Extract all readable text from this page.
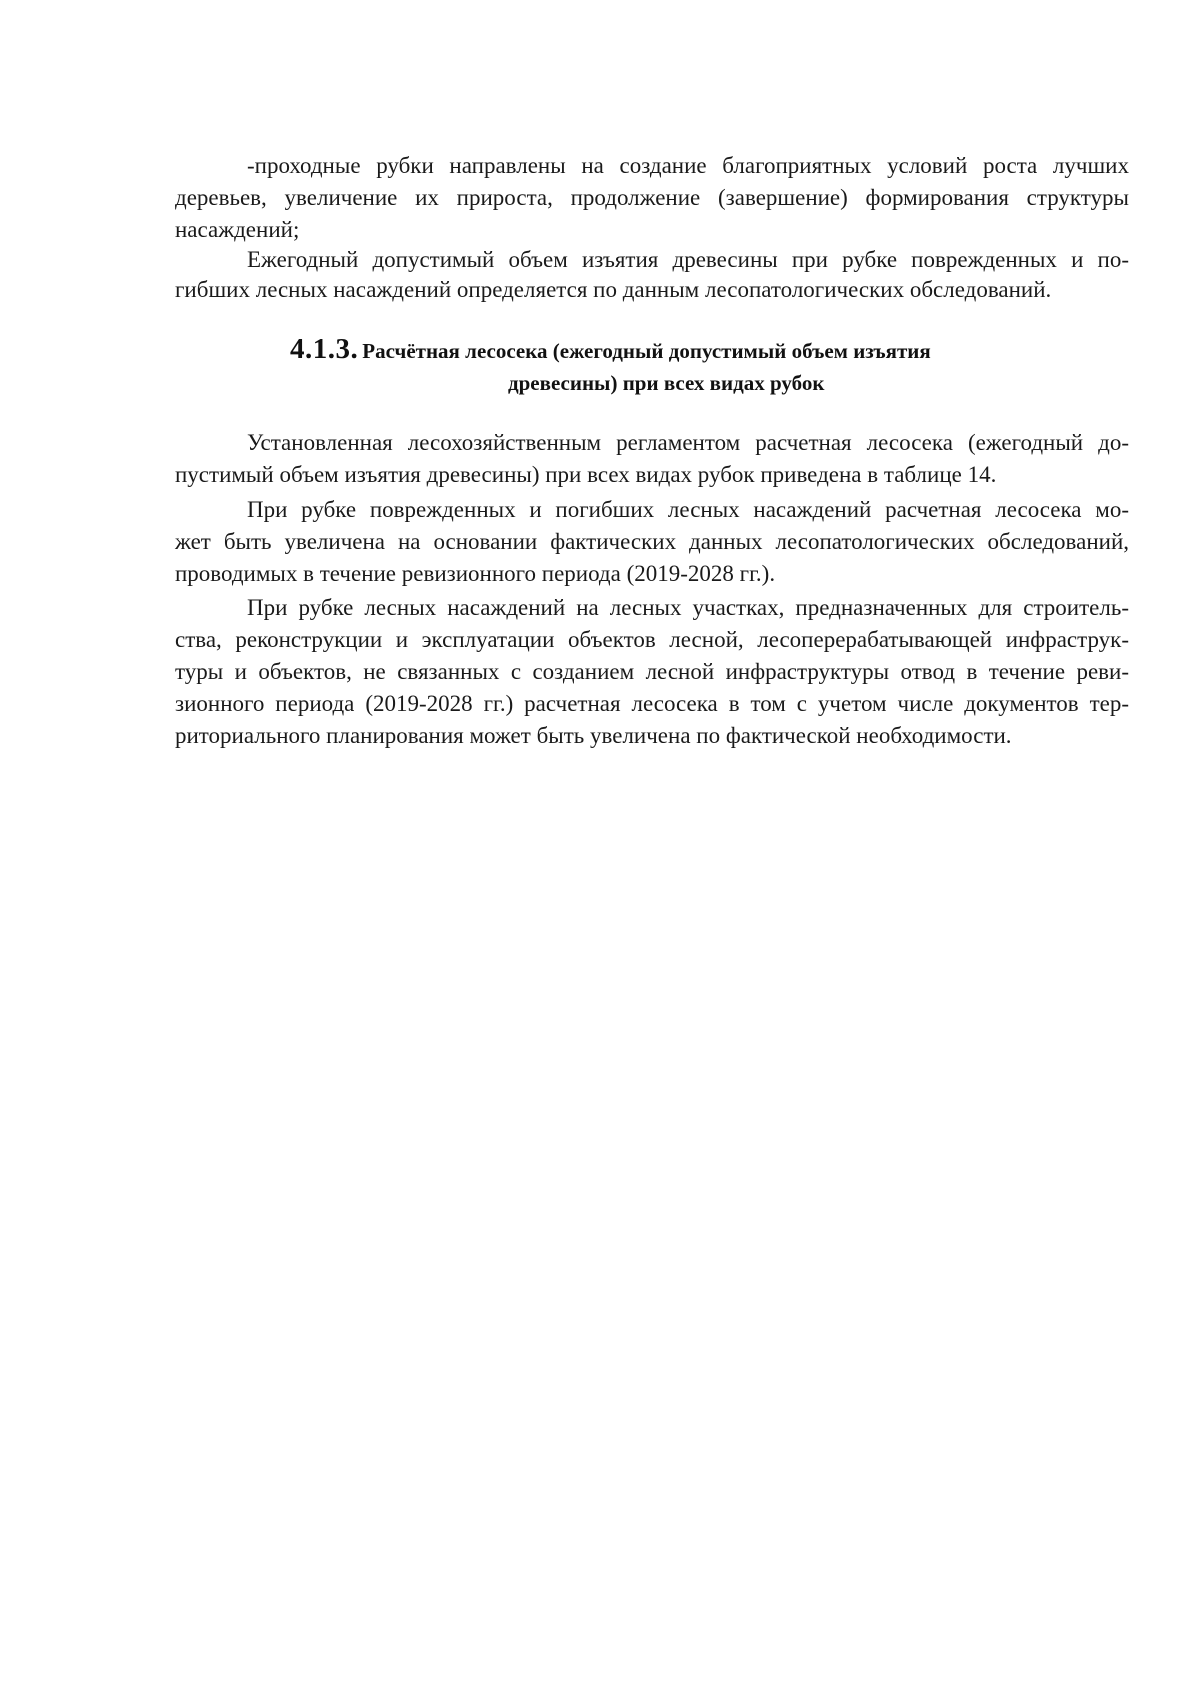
-проходные рубки направлены на создание благоприятных условий роста лучших
деревьев, увеличение их прироста, продолжение (завершение) формирования структуры
насаждений;
Ежегодный допустимый объем изъятия древесины при рубке поврежденных и по-
гибших лесных насаждений определяется по данным лесопатологических обследований.
4.1.3. Расчётная лесосека (ежегодный допустимый объем изъятия
древесины) при всех видах рубок
Установленная лесохозяйственным регламентом расчетная лесосека (ежегодный до-
пустимый объем изъятия древесины) при всех видах рубок приведена в таблице 14.
При рубке поврежденных и погибших лесных насаждений расчетная лесосека мо-
жет быть увеличена на основании фактических данных лесопатологических обследований,
проводимых в течение ревизионного периода (2019-2028 гг.).
При рубке лесных насаждений на лесных участках, предназначенных для строитель-
ства, реконструкции и эксплуатации объектов лесной, лесоперерабатывающей инфраструк-
туры и объектов, не связанных с созданием лесной инфраструктуры отвод в течение реви-
зионного периода (2019-2028 гг.) расчетная лесосека в том с учетом числе документов тер-
риториального планирования может быть увеличена по фактической необходимости.
